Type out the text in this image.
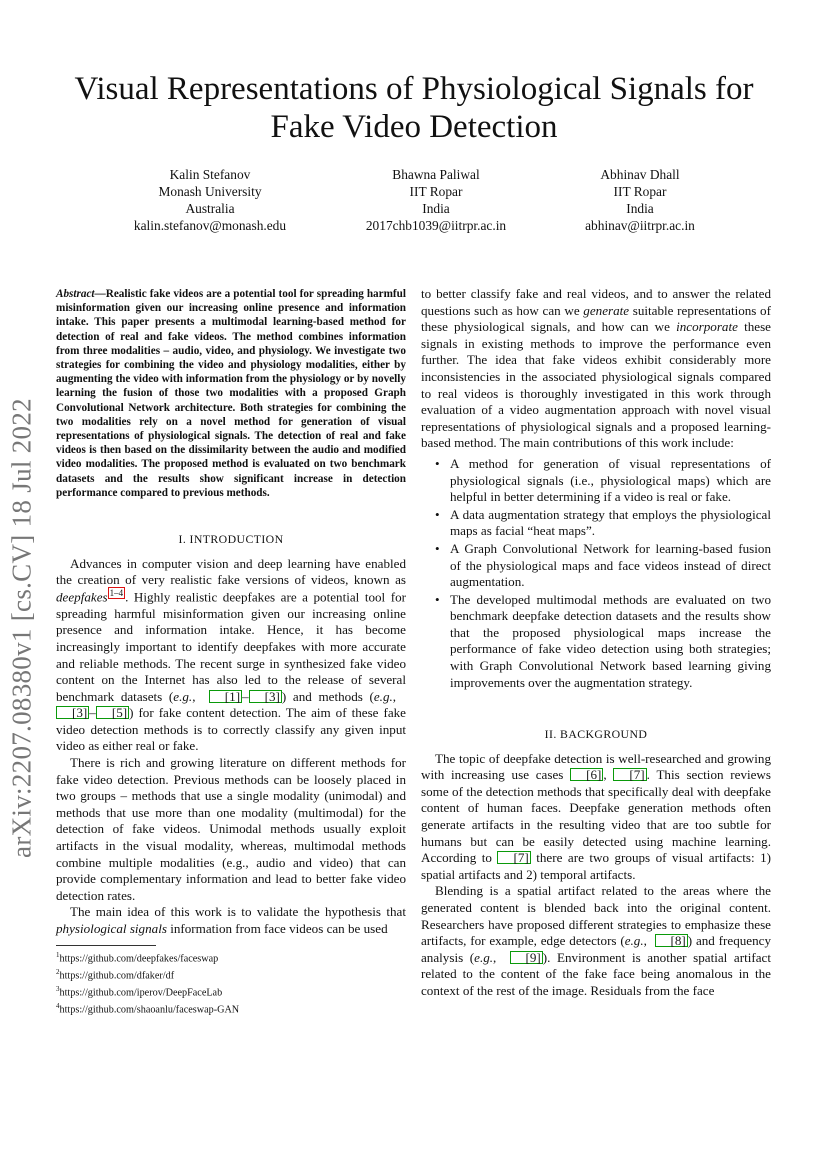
Visual Representations of Physiological Signals for Fake Video Detection
Kalin Stefanov
Monash University
Australia
kalin.stefanov@monash.edu
Bhawna Paliwal
IIT Ropar
India
2017chb1039@iitrpr.ac.in
Abhinav Dhall
IIT Ropar
India
abhinav@iitrpr.ac.in
arXiv:2207.08380v1 [cs.CV] 18 Jul 2022
Abstract—Realistic fake videos are a potential tool for spreading harmful misinformation given our increasing online presence and information intake. This paper presents a multimodal learning-based method for detection of real and fake videos. The method combines information from three modalities – audio, video, and physiology. We investigate two strategies for combining the video and physiology modalities, either by augmenting the video with information from the physiology or by novelly learning the fusion of those two modalities with a proposed Graph Convolutional Network architecture. Both strategies for combining the two modalities rely on a novel method for generation of visual representations of physiological signals. The detection of real and fake videos is then based on the dissimilarity between the audio and modified video modalities. The proposed method is evaluated on two benchmark datasets and the results show significant increase in detection performance compared to previous methods.
I. INTRODUCTION

Advances in computer vision and deep learning have enabled the creation of very realistic fake versions of videos, known as deepfakes $^{1-4}$ . Highly realistic deepfakes are a potential tool for spreading harmful misinformation given our increasing online presence and information intake. Hence, it has become increasingly important to identify deepfakes with more accurate and reliable methods. The recent surge in synthesized fake video content on the Internet has also led to the release of several benchmark datasets (e.g.,  [1] – [3] ) and methods (e.g.,  [3] – [5] ) for fake content detection. The aim of these fake video detection methods is to correctly classify any given input video as either real or fake.

There is rich and growing literature on different methods for fake video detection. Previous methods can be loosely placed in two groups – methods that use a single modality (unimodal) and methods that use more than one modality (multimodal) for the detection of fake videos. Unimodal methods usually exploit artifacts in the visual modality, whereas, multimodal methods combine multiple modalities (e.g., audio and video) that can provide complementary information and lead to better fake video detection rates.

The main idea of this work is to validate the hypothesis that physiological signals information from face videos can be used

$^1$https://github.com/deepfakes/faceswap
$^2$https://github.com/dfaker/df
$^3$https://github.com/iperov/DeepFaceLab
$^4$https://github.com/shaoanlu/faceswap-GAN

to better classify fake and real videos, and to answer the related questions such as how can we generate suitable representations of these physiological signals, and how can we incorporate these signals in existing methods to improve the performance even further. The idea that fake videos exhibit considerably more inconsistencies in the associated physiological signals compared to real videos is thoroughly investigated in this work through evaluation of a video augmentation approach with novel visual representations of physiological signals and a proposed learning-based method. The main contributions of this work include:

• A method for generation of visual representations of physiological signals (i.e., physiological maps) which are helpful in better determining if a video is real or fake.
• A data augmentation strategy that employs the physiological maps as facial “heat maps”.
• A Graph Convolutional Network for learning-based fusion of the physiological maps and face videos instead of direct augmentation.
• The developed multimodal methods are evaluated on two benchmark deepfake detection datasets and the results show that the proposed physiological maps increase the performance of fake video detection using both strategies; with Graph Convolutional Network based learning giving improvements over the augmentation strategy.
II. BACKGROUND

The topic of deepfake detection is well-researched and growing with increasing use cases [6] , [7] . This section reviews some of the detection methods that specifically deal with deepfake content of human faces. Deepfake generation methods often generate artifacts in the resulting video that are too subtle for humans but can be easily detected using machine learning. According to [7] there are two groups of visual artifacts: 1) spatial artifacts and 2) temporal artifacts.

Blending is a spatial artifact related to the areas where the generated content is blended back into the original content. Researchers have proposed different strategies to emphasize these artifacts, for example, edge detectors (e.g.,  [8] ) and frequency analysis (e.g.,  [9] ). Environment is another spatial artifact related to the content of the fake face being anomalous in the context of the rest of the image. Residuals from the face
